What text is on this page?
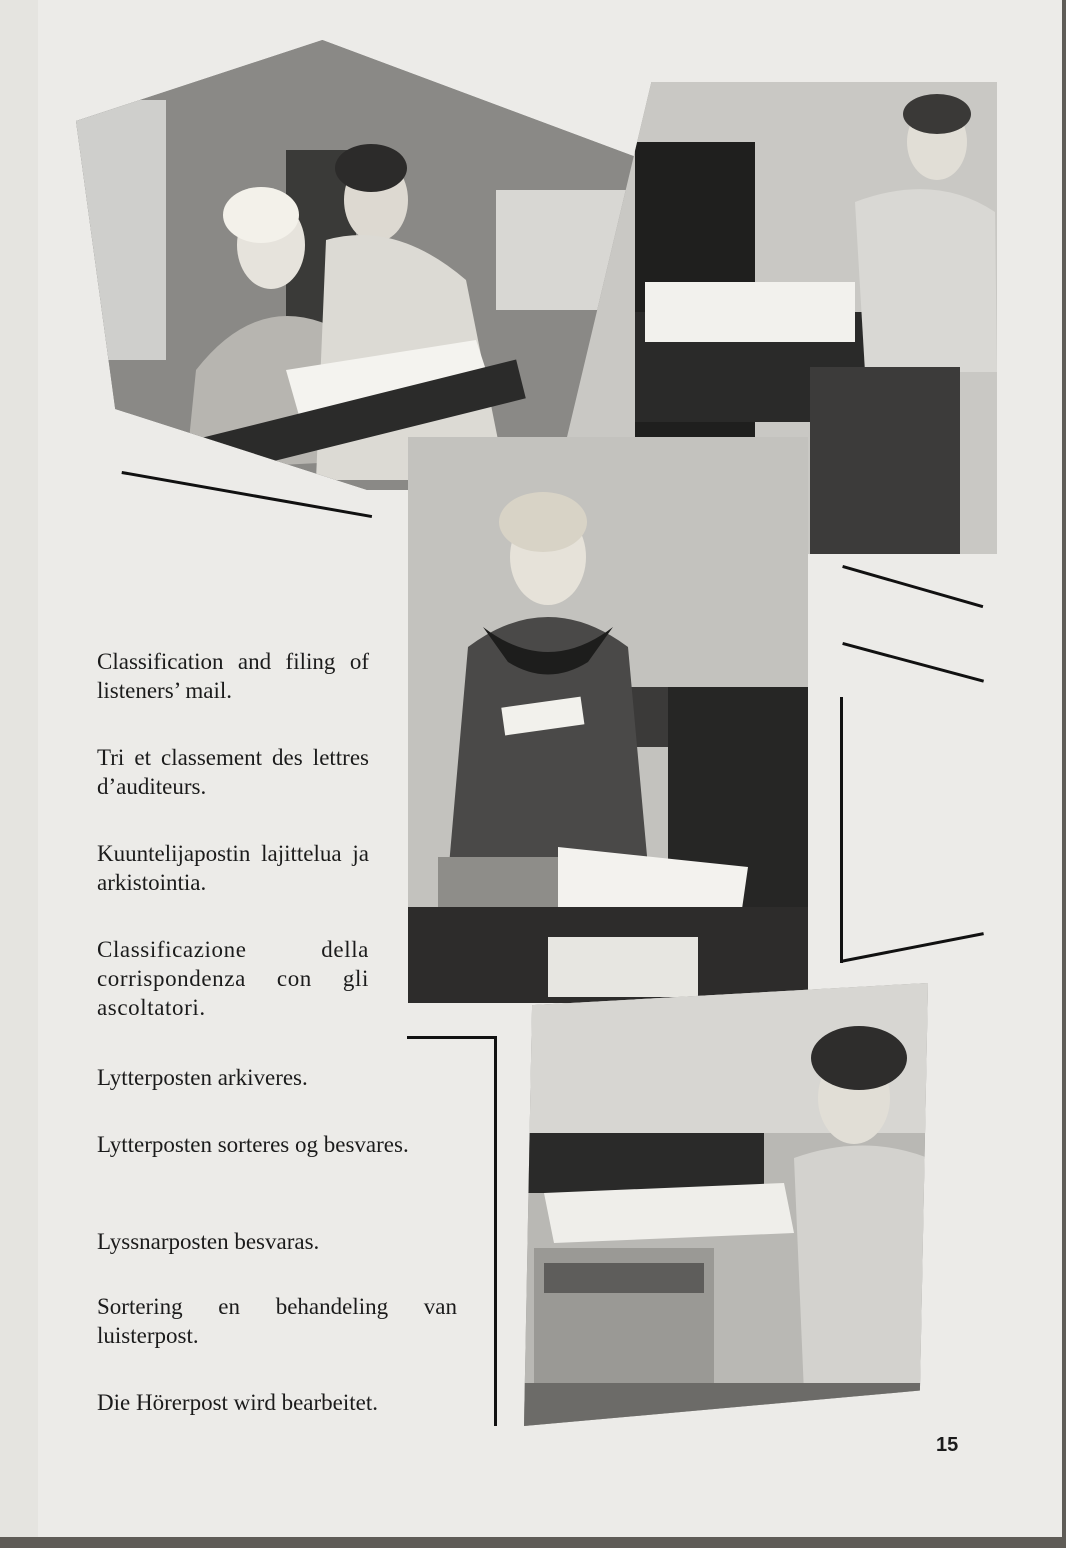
Classification and filing of listeners’ mail.

Tri et classement des lettres d’auditeurs.

Kuuntelijapostin lajittelua ja arkistointia.

Classificazione della corrispondenza con gli ascoltatori.

Lytterposten arkiveres.

Lytterposten sorteres og besvares.

Lyssnarposten besvaras.

Sortering en behandeling van luisterpost.

Die Hörerpost wird bearbeitet.

15
